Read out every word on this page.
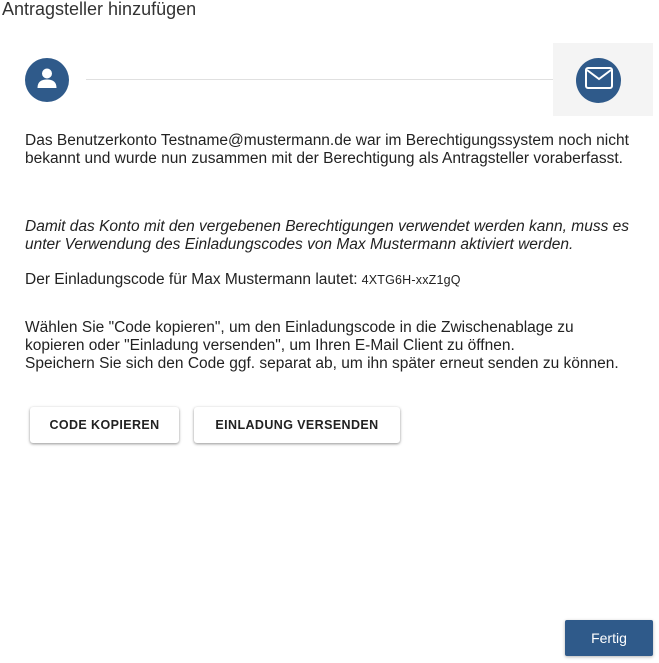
Antragsteller hinzufügen
Das Benutzerkonto Testname@mustermann.de war im Berechtigungssystem noch nicht bekannt und wurde nun zusammen mit der Berechtigung als Antragsteller voraberfasst.
Damit das Konto mit den vergebenen Berechtigungen verwendet werden kann, muss es unter Verwendung des Einladungscodes von Max Mustermann aktiviert werden.
Der Einladungscode für Max Mustermann lautet: 4XTG6H-xxZ1gQ
Wählen Sie "Code kopieren", um den Einladungscode in die Zwischenablage zu kopieren oder "Einladung versenden", um Ihren E-Mail Client zu öffnen.
Speichern Sie sich den Code ggf. separat ab, um ihn später erneut senden zu können.
CODE KOPIEREN	EINLADUNG VERSENDEN
Fertig
